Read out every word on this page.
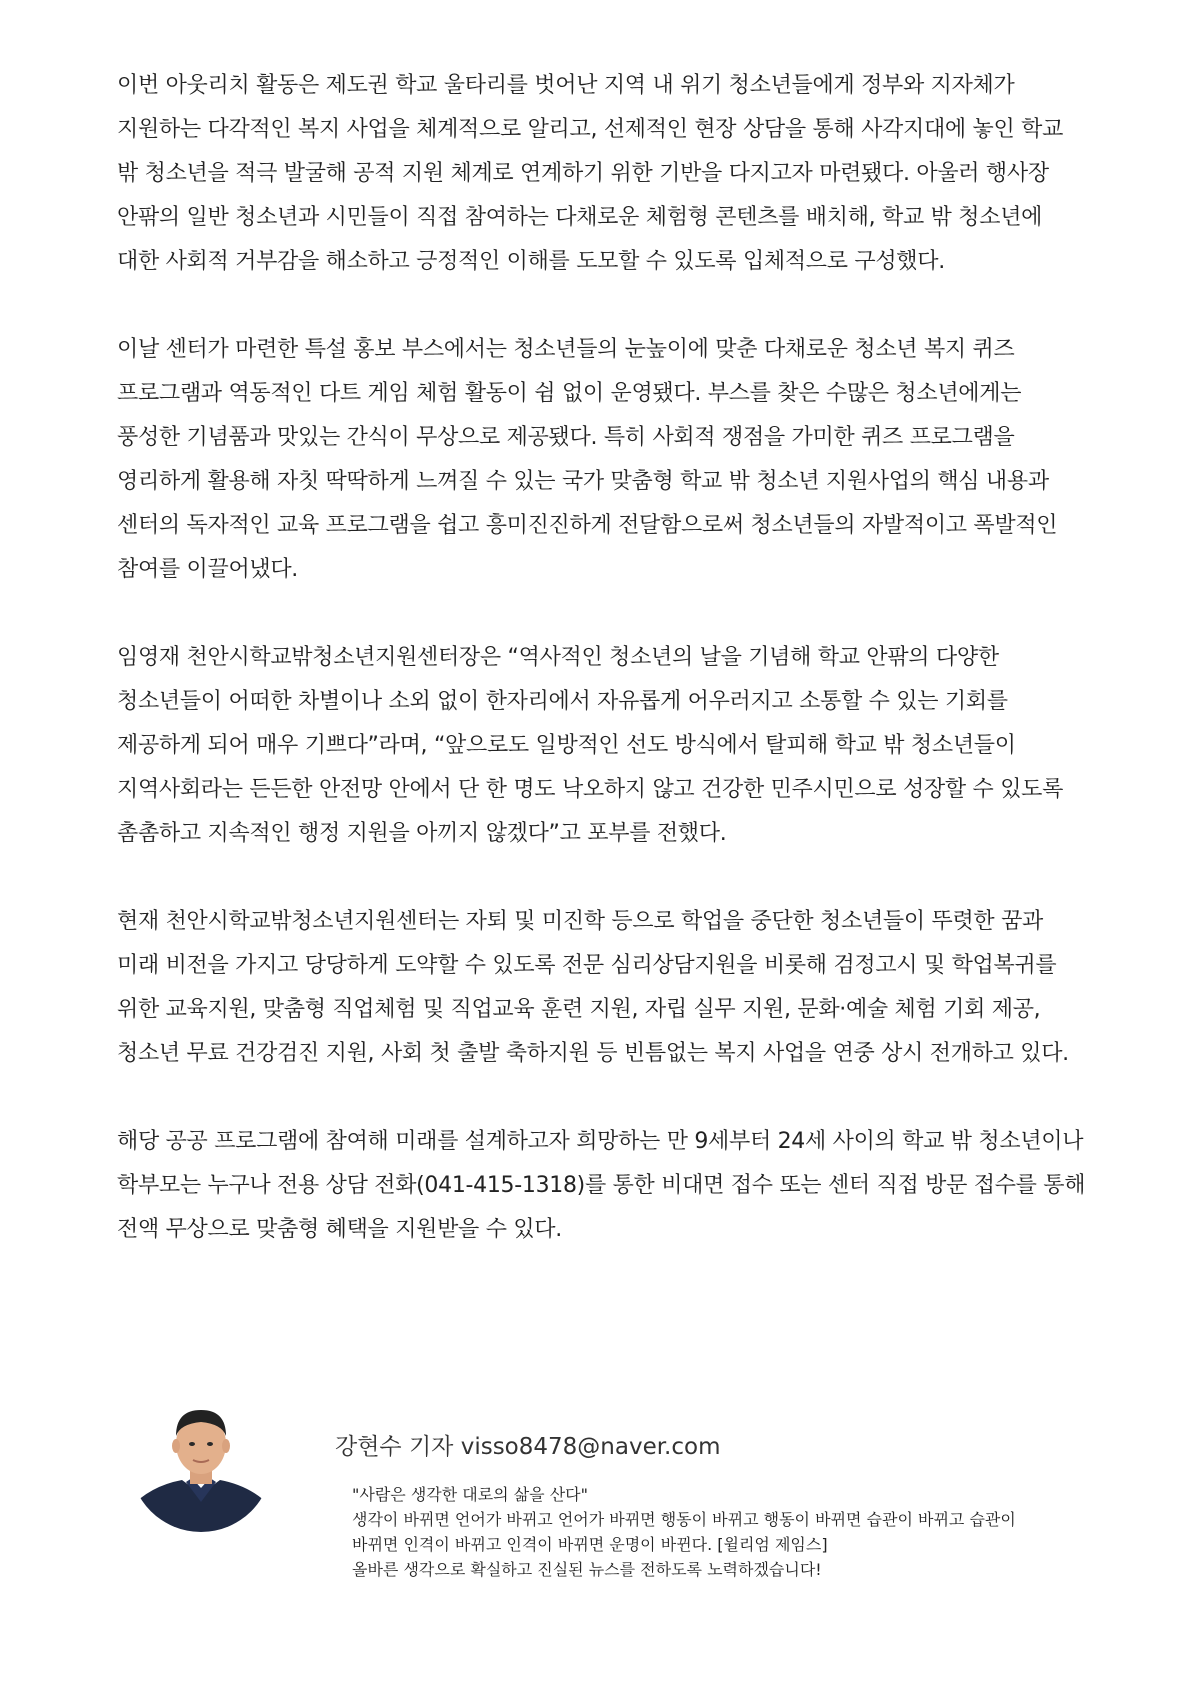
이번 아웃리치 활동은 제도권 학교 울타리를 벗어난 지역 내 위기 청소년들에게 정부와 지자체가 지원하는 다각적인 복지 사업을 체계적으로 알리고, 선제적인 현장 상담을 통해 사각지대에 놓인 학교 밖 청소년을 적극 발굴해 공적 지원 체계로 연계하기 위한 기반을 다지고자 마련됐다. 아울러 행사장 안팎의 일반 청소년과 시민들이 직접 참여하는 다채로운 체험형 콘텐츠를 배치해, 학교 밖 청소년에 대한 사회적 거부감을 해소하고 긍정적인 이해를 도모할 수 있도록 입체적으로 구성했다.

이날 센터가 마련한 특설 홍보 부스에서는 청소년들의 눈높이에 맞춘 다채로운 청소년 복지 퀴즈 프로그램과 역동적인 다트 게임 체험 활동이 쉼 없이 운영됐다. 부스를 찾은 수많은 청소년에게는 풍성한 기념품과 맛있는 간식이 무상으로 제공됐다. 특히 사회적 쟁점을 가미한 퀴즈 프로그램을 영리하게 활용해 자칫 딱딱하게 느껴질 수 있는 국가 맞춤형 학교 밖 청소년 지원사업의 핵심 내용과 센터의 독자적인 교육 프로그램을 쉽고 흥미진진하게 전달함으로써 청소년들의 자발적이고 폭발적인 참여를 이끌어냈다.

임영재 천안시학교밖청소년지원센터장은 “역사적인 청소년의 날을 기념해 학교 안팎의 다양한 청소년들이 어떠한 차별이나 소외 없이 한자리에서 자유롭게 어우러지고 소통할 수 있는 기회를 제공하게 되어 매우 기쁘다”라며, “앞으로도 일방적인 선도 방식에서 탈피해 학교 밖 청소년들이 지역사회라는 든든한 안전망 안에서 단 한 명도 낙오하지 않고 건강한 민주시민으로 성장할 수 있도록 촘촘하고 지속적인 행정 지원을 아끼지 않겠다”고 포부를 전했다.

현재 천안시학교밖청소년지원센터는 자퇴 및 미진학 등으로 학업을 중단한 청소년들이 뚜렷한 꿈과 미래 비전을 가지고 당당하게 도약할 수 있도록 전문 심리상담지원을 비롯해 검정고시 및 학업복귀를 위한 교육지원, 맞춤형 직업체험 및 직업교육 훈련 지원, 자립 실무 지원, 문화·예술 체험 기회 제공, 청소년 무료 건강검진 지원, 사회 첫 출발 축하지원 등 빈틈없는 복지 사업을 연중 상시 전개하고 있다.

해당 공공 프로그램에 참여해 미래를 설계하고자 희망하는 만 9세부터 24세 사이의 학교 밖 청소년이나 학부모는 누구나 전용 상담 전화(041-415-1318)를 통한 비대면 접수 또는 센터 직접 방문 접수를 통해 전액 무상으로 맞춤형 혜택을 지원받을 수 있다.

강현수 기자 visso8478@naver.com
"사람은 생각한 대로의 삶을 산다"
생각이 바뀌면 언어가 바뀌고 언어가 바뀌면 행동이 바뀌고 행동이 바뀌면 습관이 바뀌고 습관이
바뀌면 인격이 바뀌고 인격이 바뀌면 운명이 바뀐다. [윌리엄 제임스]
올바른 생각으로 확실하고 진실된 뉴스를 전하도록 노력하겠습니다!
